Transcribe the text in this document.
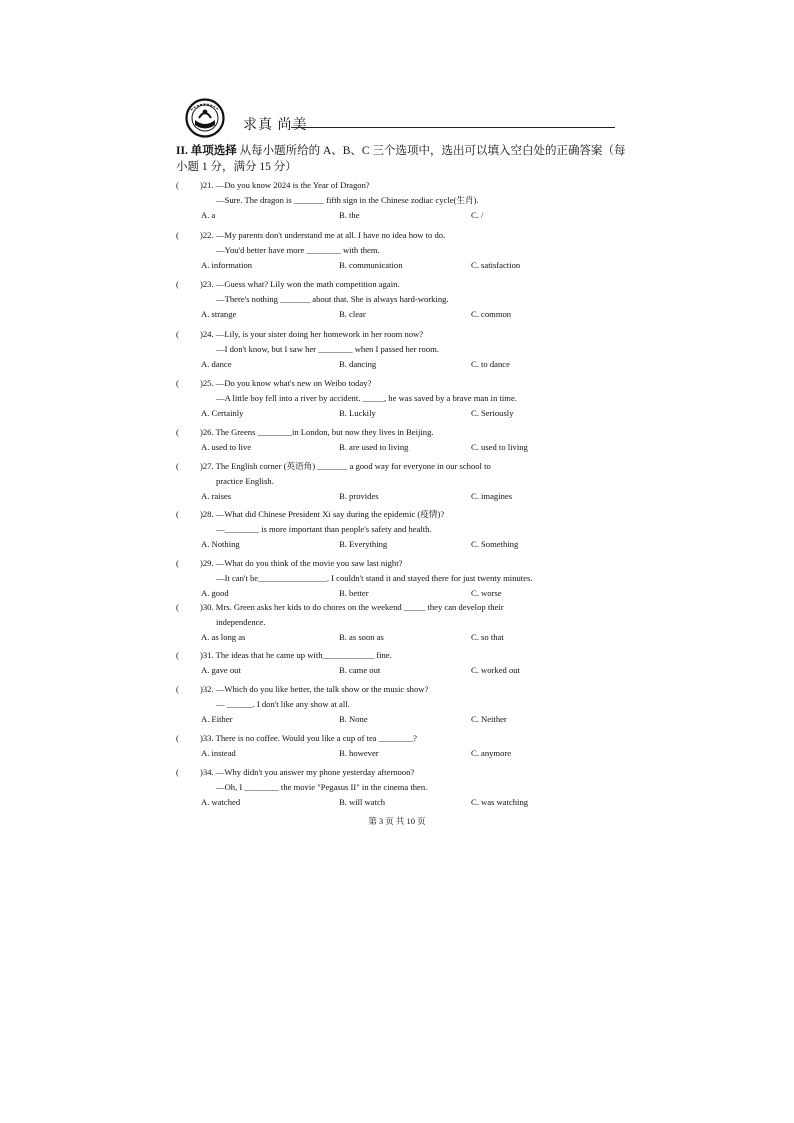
求真 尚美
II. 单项选择 从每小题所给的 A、B、C 三个选项中，选出可以填入空白处的正确答案（每小题 1 分，满分 15 分）
( )21. —Do you know 2024 is the Year of Dragon?
—Sure. The dragon is _______ fifth sign in the Chinese zodiac cycle(生肖).
A. a	B. the	C. /
( )22. —My parents don't understand me at all. I have no idea how to do.
—You'd better have more ________ with them.
A. information	B. communication	C. satisfaction
( )23. —Guess what? Lily won the math competition again.
—There's nothing _______ about that. She is always hard-working.
A. strange	B. clear	C. common
( )24. —Lily, is your sister doing her homework in her room now?
—I don't know, but I saw her ________ when I passed her room.
A. dance	B. dancing	C. to dance
( )25. —Do you know what's new on Weibo today?
—A little boy fell into a river by accident. _____, he was saved by a brave man in time.
A. Certainly	B. Luckily	C. Seriously
( )26. The Greens ________in London, but now they lives in Beijing.
A. used to live	B. are used to living	C. used to living
( )27. The English corner (英语角) _______ a good way for everyone in our school to
practice English.
A. raises	B. provides	C. imagines
( )28. —What did Chinese President Xi say during the epidemic (疫情)?
—________ is more important than people's safety and health.
A. Nothing	B. Everything	C. Something
( )29. —What do you think of the movie you saw last night?
—It can't be________________. I couldn't stand it and stayed there for just twenty minutes.
A. good	B. better	C. worse
( )30. Mrs. Green asks her kids to do chores on the weekend _____ they can develop their
independence.
A. as long as	B. as soon as	C. so that
( )31. The ideas that he came up with____________ fine.
A. gave out	B. came out	C. worked out
( )32. —Which do you like better, the talk show or the music show?
— ______. I don't like any show at all.
A. Either	B. None	C. Neither
( )33. There is no coffee. Would you like a cup of tea ________?
A. instead	B. however	C. anymore
( )34. —Why didn't you answer my phone yesterday afternoon?
—Oh, I ________ the movie "Pegasus II" in the cinema then.
A. watched	B. will watch	C. was watching
第 3 页 共 10 页
